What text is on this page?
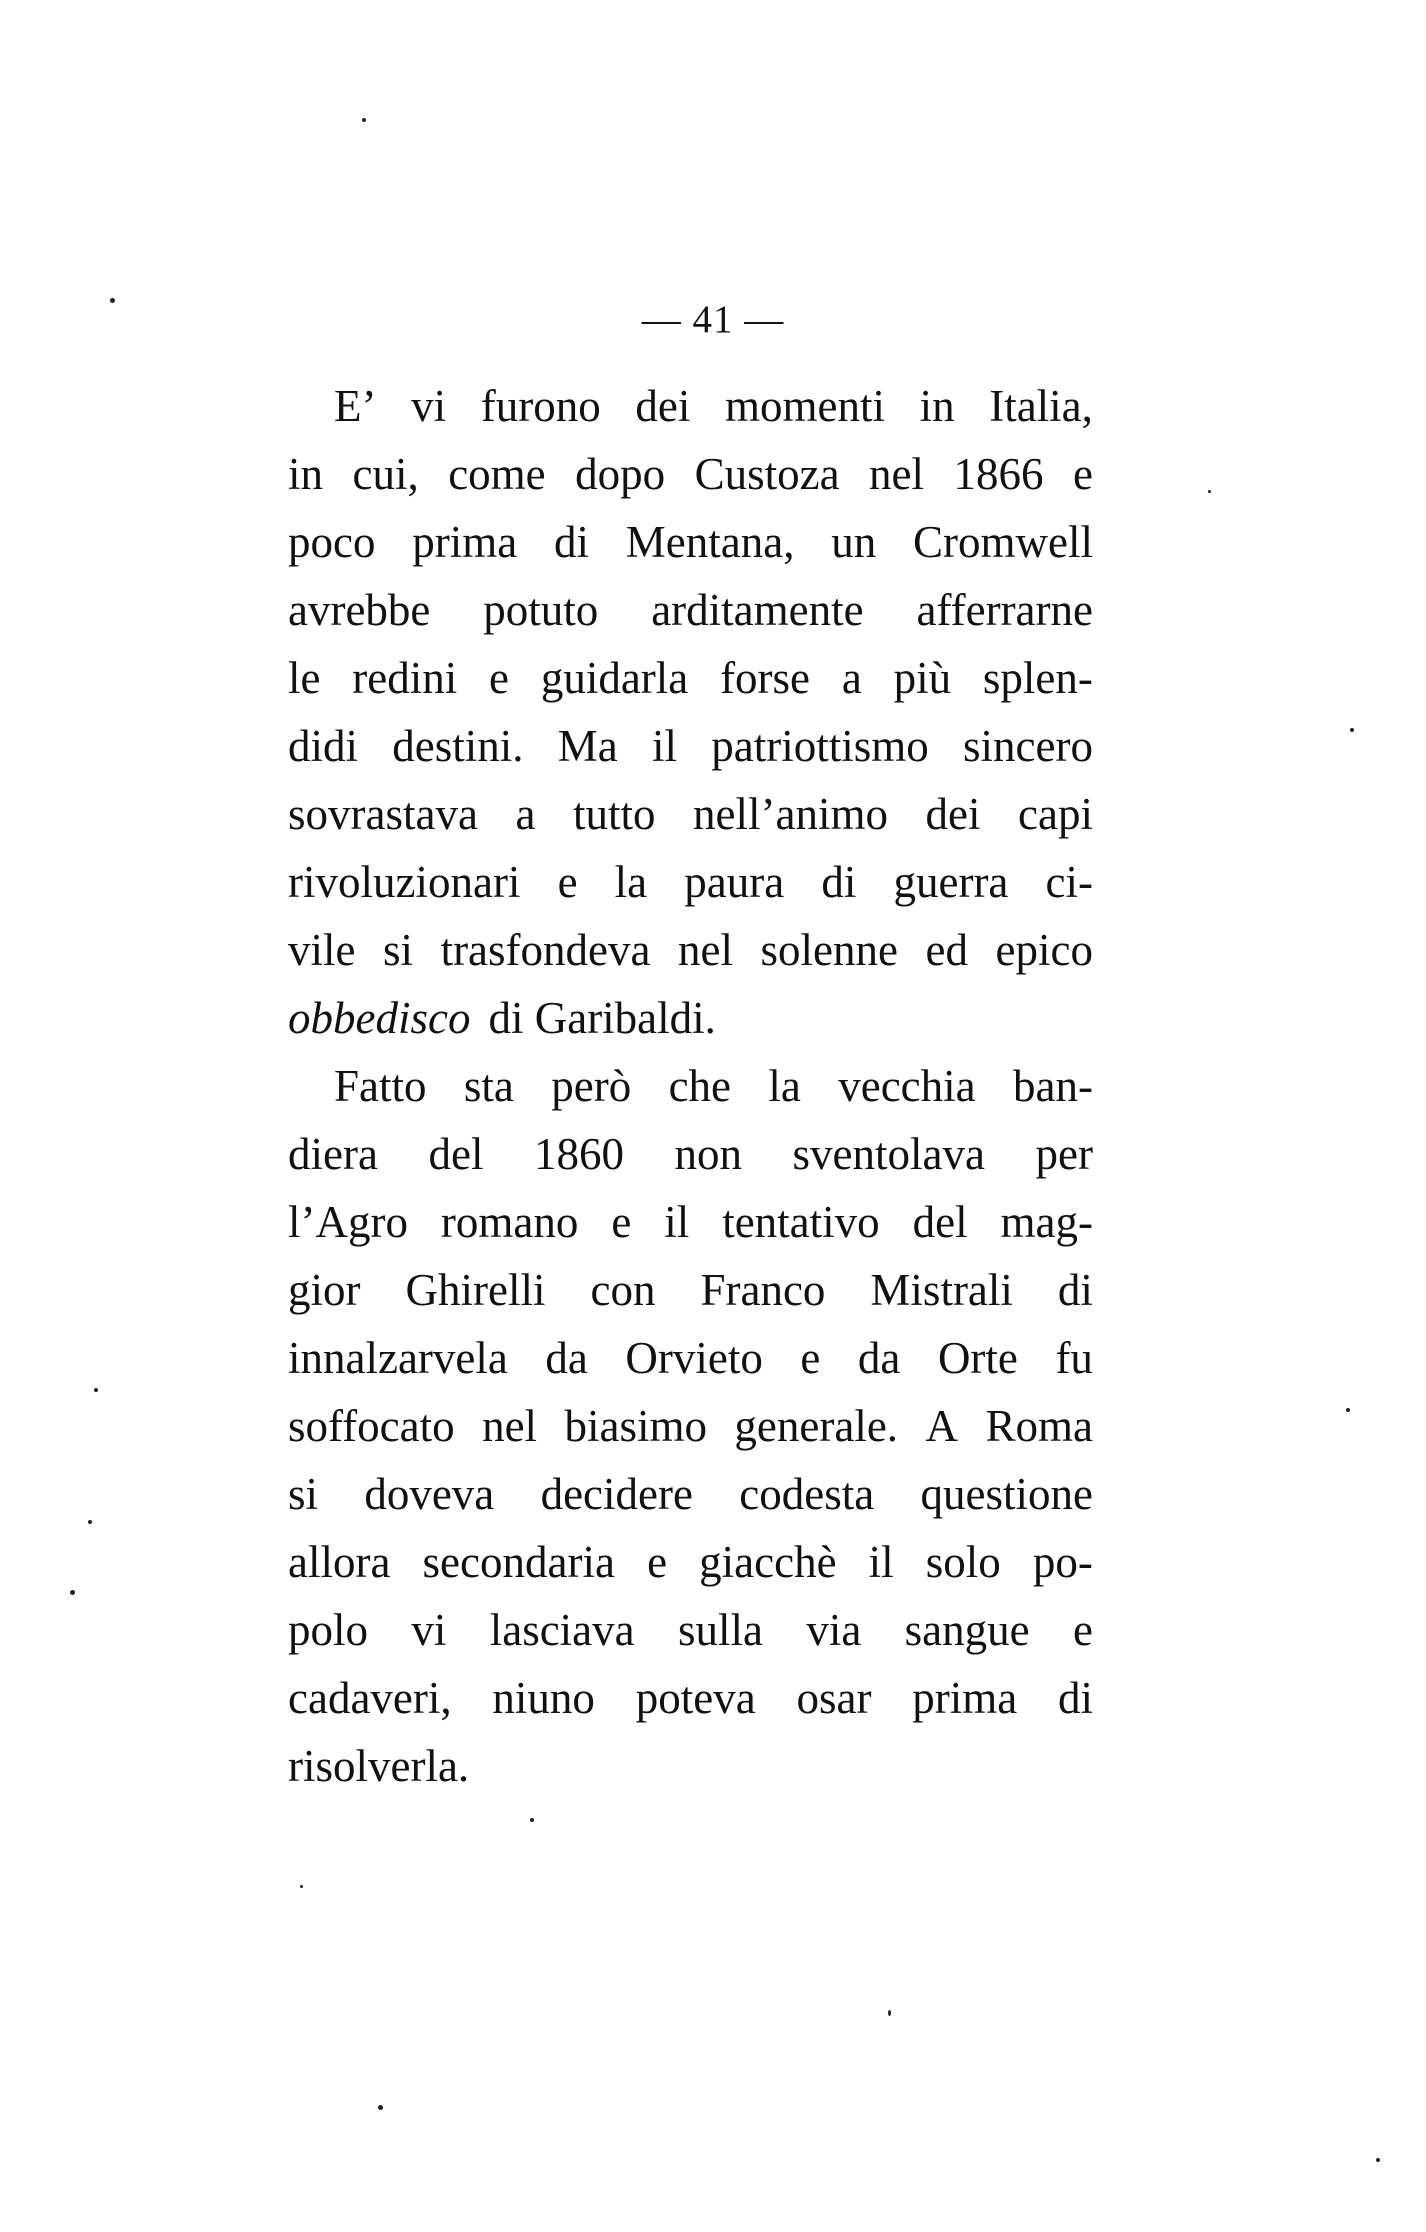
— 41 —
E’ vi furono dei momenti in Italia,
in cui, come dopo Custoza nel 1866 e
poco prima di Mentana, un Cromwell
avrebbe potuto arditamente afferrarne
le redini e guidarla forse a più splen-
didi destini. Ma il patriottismo sincero
sovrastava a tutto nell’animo dei capi
rivoluzionari e la paura di guerra ci-
vile si trasfondeva nel solenne ed epico
obbedisco di Garibaldi.
Fatto sta però che la vecchia ban-
diera del 1860 non sventolava per
l’Agro romano e il tentativo del mag-
gior Ghirelli con Franco Mistrali di
innalzarvela da Orvieto e da Orte fu
soffocato nel biasimo generale. A Roma
si doveva decidere codesta questione
allora secondaria e giacchè il solo po-
polo vi lasciava sulla via sangue e
cadaveri, niuno poteva osar prima di
risolverla.
